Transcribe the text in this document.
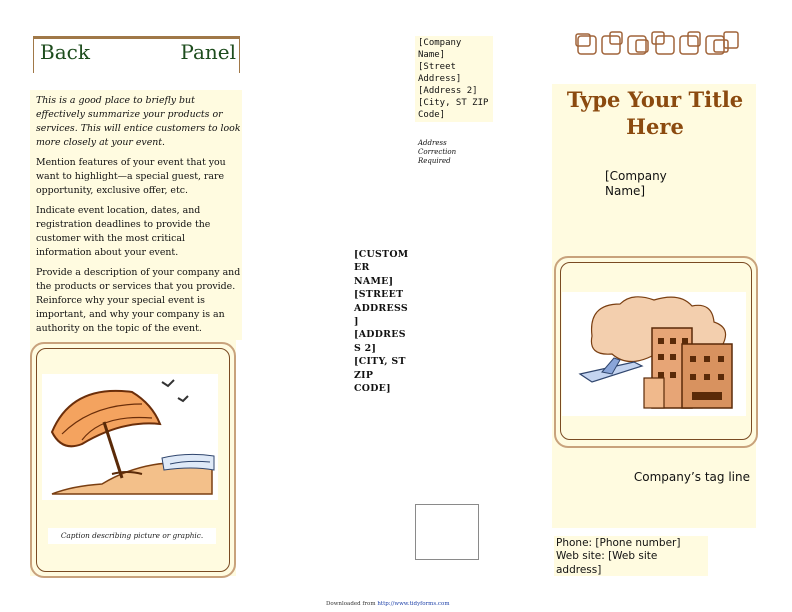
Back Panel

This is a good place to briefly but effectively summarize your products or services. This will entice customers to look more closely at your event.

Mention features of your event that you want to highlight—a special guest, rare opportunity, exclusive offer, etc.

Indicate event location, dates, and registration deadlines to provide the customer with the most critical information about your event.

Provide a description of your company and the products or services that you provide. Reinforce why your special event is important, and why your company is an authority on the topic of the event.

Caption describing picture or graphic.
[Company
Name]
[Street
Address]
[Address 2]
[City, ST ZIP
Code]
Address
Correction
Required
[CUSTOM
ER
NAME]
[STREET
ADDRESS
]
[ADDRES
S 2]
[CITY, ST
ZIP
CODE]
Type Your Title Here
[Company Name]
Company’s tag line
Phone: [Phone number]
Web site: [Web site address]
Downloaded from http://www.tidyforms.com
